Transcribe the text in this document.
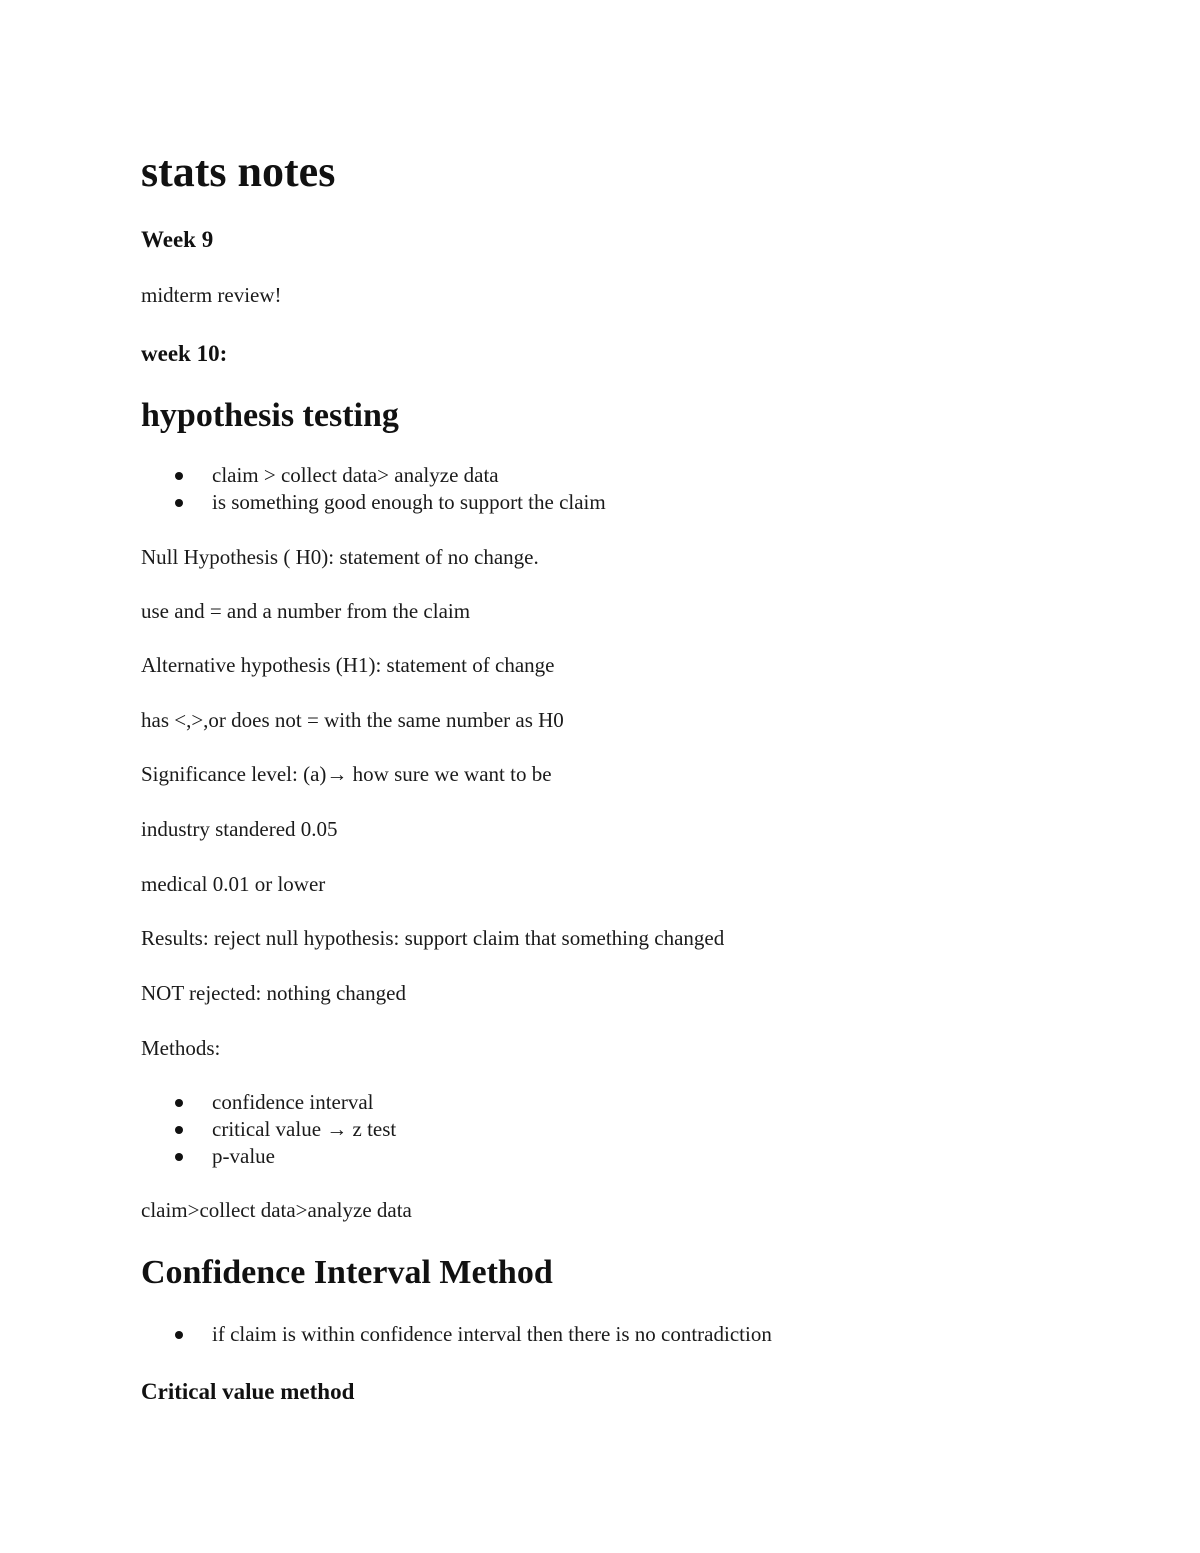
stats notes
Week 9
midterm review!
week 10:
hypothesis testing
claim > collect data> analyze data
is something good enough to support the claim
Null Hypothesis ( H0): statement of no change.
use and = and a number from the claim
Alternative hypothesis (H1): statement of change
has <,>,or does not = with the same number as H0
Significance level: (a)→ how sure we want to be
industry standered 0.05
medical 0.01 or lower
Results: reject null hypothesis: support claim that something changed
NOT rejected: nothing changed
Methods:
confidence interval
critical value → z test
p-value
claim>collect data>analyze data
Confidence Interval Method
if claim is within confidence interval then there is no contradiction
Critical value method
